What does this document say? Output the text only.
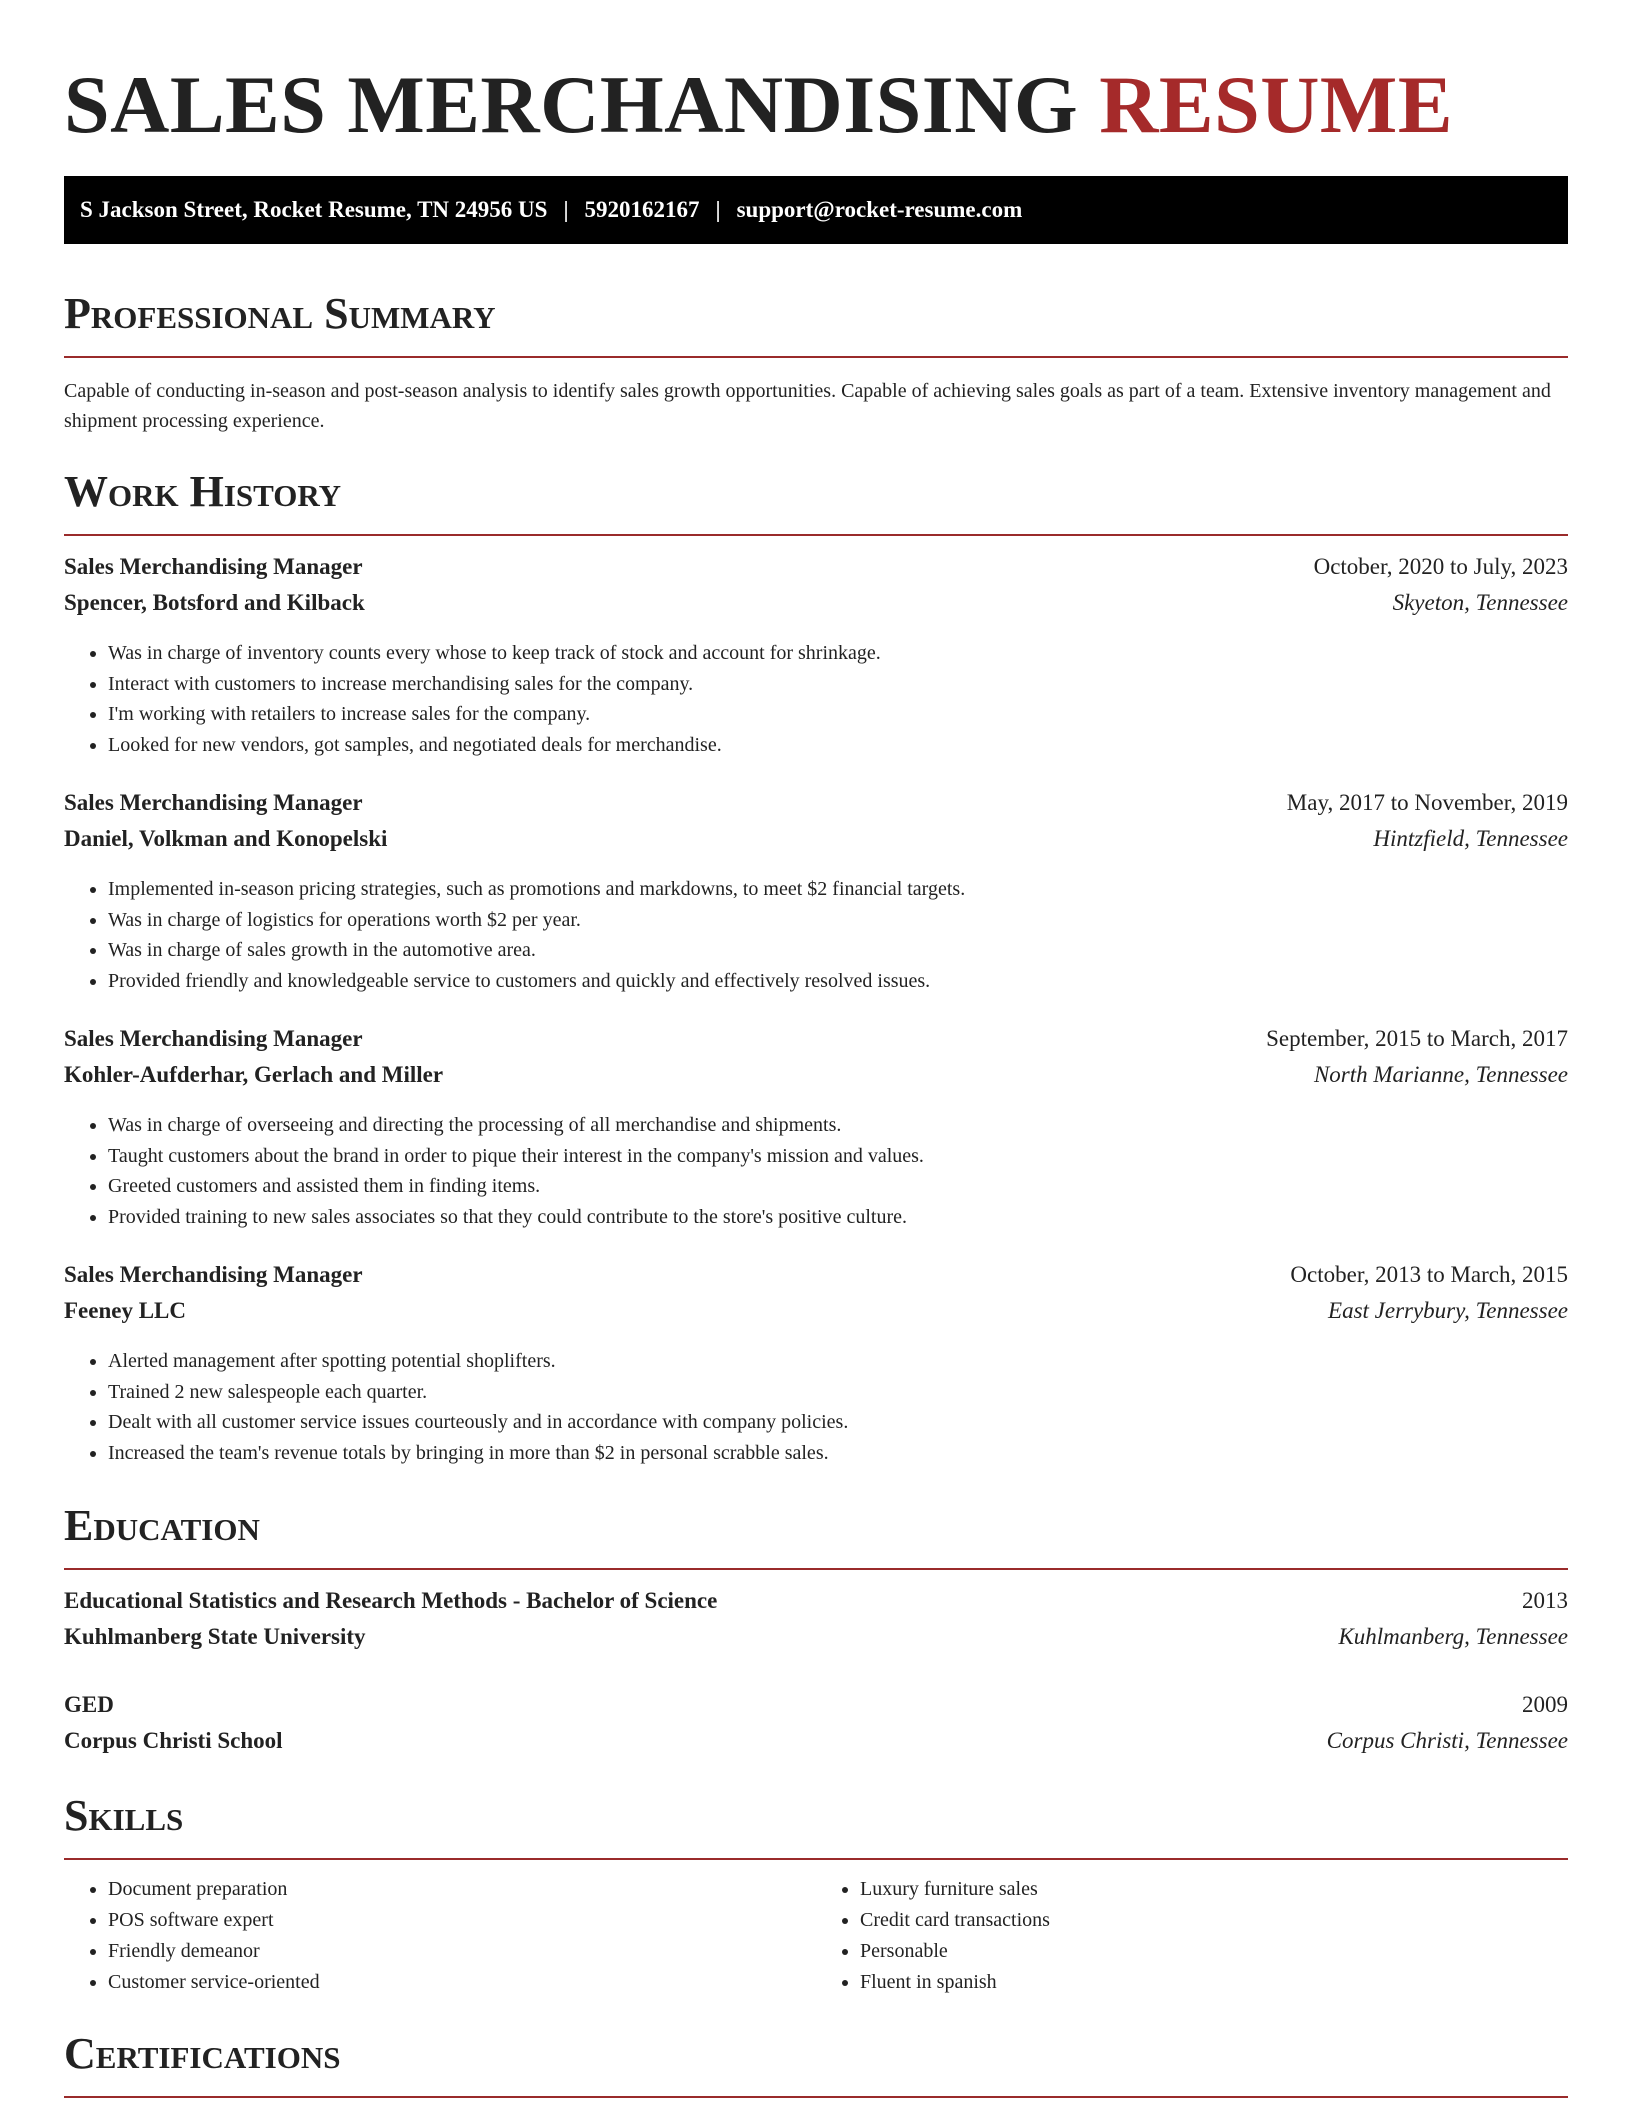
SALES MERCHANDISING RESUME
S Jackson Street, Rocket Resume, TN 24956 US | 5920162167 | support@rocket-resume.com
Professional Summary

Capable of conducting in-season and post-season analysis to identify sales growth opportunities. Capable of achieving sales goals as part of a team. Extensive inventory management and shipment processing experience.

Work History
Sales Merchandising Manager	October, 2020 to July, 2023
Spencer, Botsford and Kilback	Skyeton, Tennessee
• Was in charge of inventory counts every whose to keep track of stock and account for shrinkage.
• Interact with customers to increase merchandising sales for the company.
• I'm working with retailers to increase sales for the company.
• Looked for new vendors, got samples, and negotiated deals for merchandise.
Sales Merchandising Manager	May, 2017 to November, 2019
Daniel, Volkman and Konopelski	Hintzfield, Tennessee
• Implemented in-season pricing strategies, such as promotions and markdowns, to meet $2 financial targets.
• Was in charge of logistics for operations worth $2 per year.
• Was in charge of sales growth in the automotive area.
• Provided friendly and knowledgeable service to customers and quickly and effectively resolved issues.
Sales Merchandising Manager	September, 2015 to March, 2017
Kohler-Aufderhar, Gerlach and Miller	North Marianne, Tennessee
• Was in charge of overseeing and directing the processing of all merchandise and shipments.
• Taught customers about the brand in order to pique their interest in the company's mission and values.
• Greeted customers and assisted them in finding items.
• Provided training to new sales associates so that they could contribute to the store's positive culture.
Sales Merchandising Manager	October, 2013 to March, 2015
Feeney LLC	East Jerrybury, Tennessee
• Alerted management after spotting potential shoplifters.
• Trained 2 new salespeople each quarter.
• Dealt with all customer service issues courteously and in accordance with company policies.
• Increased the team's revenue totals by bringing in more than $2 in personal scrabble sales.
Education
Educational Statistics and Research Methods - Bachelor of Science	2013
Kuhlmanberg State University	Kuhlmanberg, Tennessee
GED	2009
Corpus Christi School	Corpus Christi, Tennessee
Skills
• Document preparation
• POS software expert
• Friendly demeanor
• Customer service-oriented
• Luxury furniture sales
• Credit card transactions
• Personable
• Fluent in spanish
Certifications
